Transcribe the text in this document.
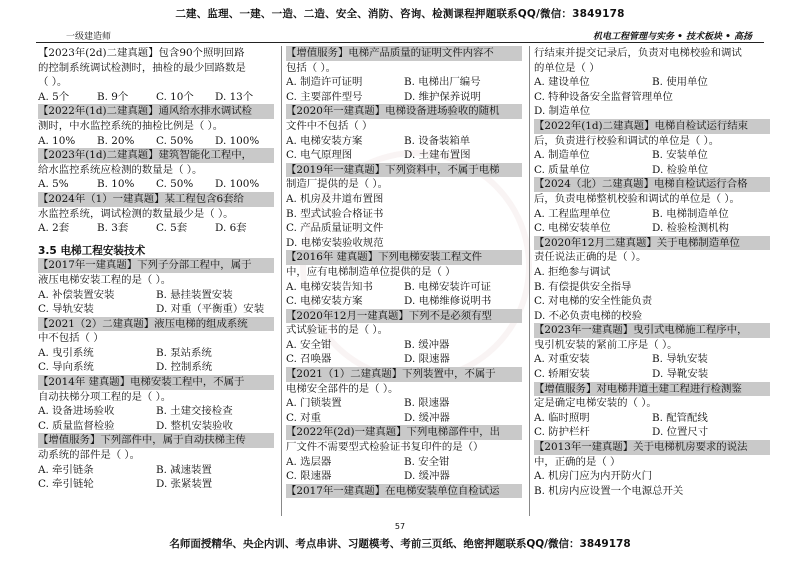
二建、监理、一建、一造、二造、安全、消防、咨询、检测课程押题联系QQ/微信：3849178
一级建造师	机电工程管理与实务 • 技术板块 • 高扬
【2023年(2d)二建真题】包含90个照明回路
的控制系统调试检测时，抽检的最少回路数是
（ ）。
A. 5个	B. 9个	C. 10个	D. 13个
【2022年(1d)二建真题】通风给水排水调试检
测时，中水监控系统的抽检比例是（ ）。
A. 10%	B. 20%	C. 50%	D. 100%
【2023年(1d)二建真题】建筑智能化工程中，
给水监控系统应检测的数量是（ ）。
A. 5%	B. 10%	C. 50%	D. 100%
【2024年（1）一建真题】某工程包含6套给
水监控系统，调试检测的数量最少是（ ）。
A. 2套	B. 3套	C. 5套	D. 6套
3.5 电梯工程安装技术
【2017年一建真题】下列子分部工程中，属于
液压电梯安装工程的是（ ）。
A. 补偿装置安装	B. 悬挂装置安装
C. 导轨安装	D. 对重（平衡重）安装
【2021（2）二建真题】液压电梯的组成系统
中不包括（ ）
A. 曳引系统	B. 泵站系统
C. 导向系统	D. 控制系统
【2014年 建真题】电梯安装工程中，不属于
自动扶梯分项工程的是（ ）。
A. 设备进场验收	B. 土建交接检查
C. 质量监督检验	D. 整机安装验收
【增值服务】下列部件中，属于自动扶梯主传
动系统的部件是（ ）。
A. 牵引链条	B. 减速装置
C. 牵引链轮	D. 张紧装置
【增值服务】电梯产品质量的证明文件内容不
包括（ ）。
A. 制造许可证明	B. 电梯出厂编号
C. 主要部件型号	D. 维护保养说明
【2020年一建真题】电梯设备进场验收的随机
文件中不包括（ ）
A. 电梯安装方案	B. 设备装箱单
C. 电气原理图	D. 土建布置图
【2019年一建真题】下列资料中，不属于电梯
制造厂提供的是（ ）。
A. 机房及井道布置图
B. 型式试验合格证书
C. 产品质量证明文件
D. 电梯安装验收规范
【2016年 建真题】下列电梯安装工程文件
中，应有电梯制造单位提供的是（ ）
A. 电梯安装告知书	B. 电梯安装许可证
C. 电梯安装方案	D. 电梯维修说明书
【2020年12月一建真题】下列不是必须有型
式试验证书的是（ ）。
A. 安全钳	B. 缓冲器
C. 召唤器	D. 限速器
【2021（1）二建真题】下列装置中，不属于
电梯安全部件的是（ ）。
A. 门锁装置	B. 限速器
C. 对重	D. 缓冲器
【2022年(2d)一建真题】下列电梯部件中，出
厂文件不需要型式检验证书复印件的是（）
A. 选层器	B. 安全钳
C. 限速器	D. 缓冲器
【2017年一建真题】在电梯安装单位自检试运
行结束并提交记录后，负责对电梯校验和调试
的单位是（ ）
A. 建设单位	B. 使用单位
C. 特种设备安全监督管理单位
D. 制造单位
【2022年(1d)二建真题】电梯自检试运行结束
后，负责进行校验和调试的单位是（ ）。
A. 制造单位	B. 安装单位
C. 质量单位	D. 检验单位
【2024（北）二建真题】电梯自检试运行合格
后，负责电梯整机校验和调试的单位是（ ）。
A. 工程监理单位	B. 电梯制造单位
C. 电梯安装单位	D. 检验检测机构
【2020年12月二建真题】关于电梯制造单位
责任说法正确的是（ ）。
A. 拒绝参与调试
B. 有偿提供安全指导
C. 对电梯的安全性能负责
D. 不必负责电梯的校验
【2023年一建真题】曳引式电梯施工程序中，
曳引机安装的紧前工序是（ ）。
A. 对重安装	B. 导轨安装
C. 轿厢安装	D. 导靴安装
【增值服务】对电梯井道土建工程进行检测鉴
定是确定电梯安装的（ ）。
A. 临时照明	B. 配管配线
C. 防护栏杆	D. 位置尺寸
【2013年一建真题】关于电梯机房要求的说法
中，正确的是（ ）
A. 机房门应为内开防火门
B. 机房内应设置一个电源总开关
57
名师面授精华、央企内训、考点串讲、习题模考、考前三页纸、绝密押题联系QQ/微信：3849178
